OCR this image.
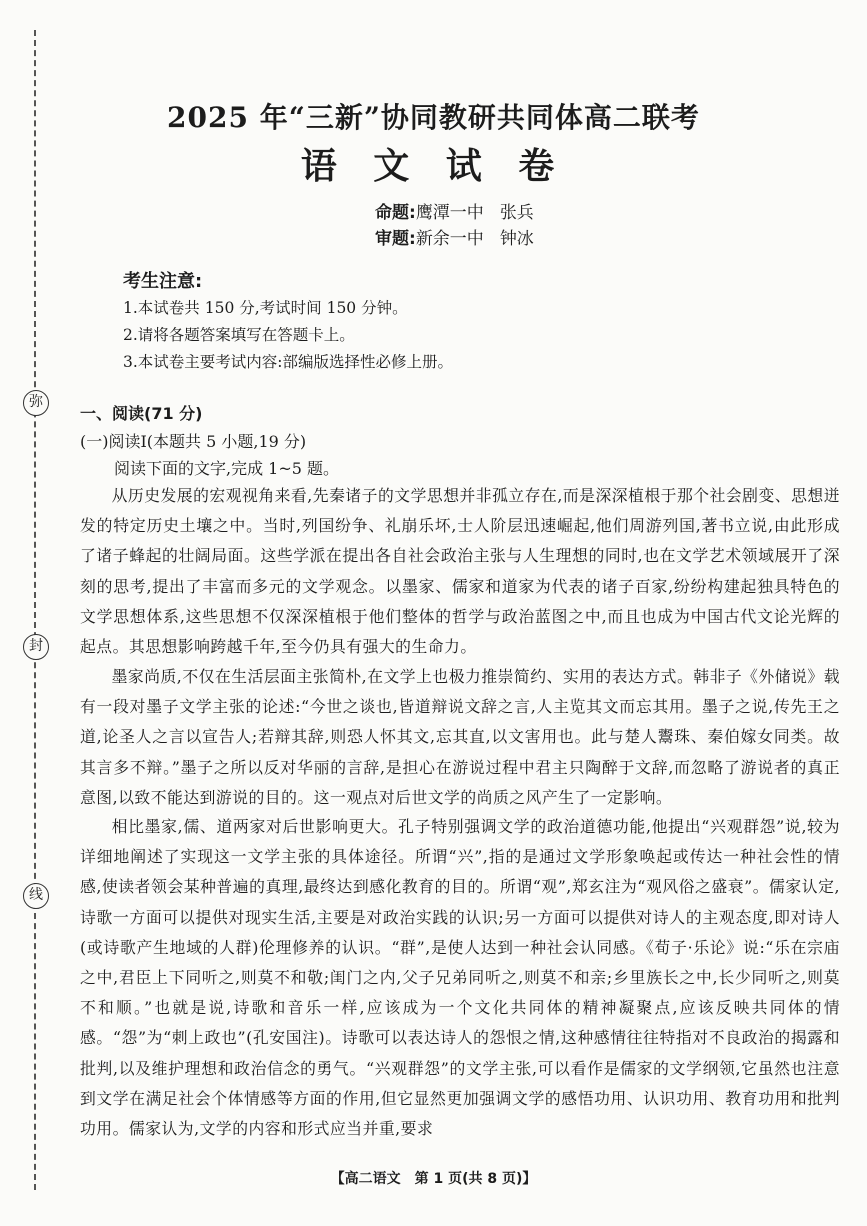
弥
封
线
2025 年“三新”协同教研共同体高二联考
语 文 试 卷
命题:鹰潭一中 张兵
审题:新余一中 钟冰
考生注意:
1.本试卷共 150 分,考试时间 150 分钟。
2.请将各题答案填写在答题卡上。
3.本试卷主要考试内容:部编版选择性必修上册。
一、阅读(71 分)
(一)阅读Ⅰ(本题共 5 小题,19 分)
阅读下面的文字,完成 1~5 题。
从历史发展的宏观视角来看,先秦诸子的文学思想并非孤立存在,而是深深植根于那个社会剧变、思想迸发的特定历史土壤之中。当时,列国纷争、礼崩乐坏,士人阶层迅速崛起,他们周游列国,著书立说,由此形成了诸子蜂起的壮阔局面。这些学派在提出各自社会政治主张与人生理想的同时,也在文学艺术领域展开了深刻的思考,提出了丰富而多元的文学观念。以墨家、儒家和道家为代表的诸子百家,纷纷构建起独具特色的文学思想体系,这些思想不仅深深植根于他们整体的哲学与政治蓝图之中,而且也成为中国古代文论光辉的起点。其思想影响跨越千年,至今仍具有强大的生命力。
墨家尚质,不仅在生活层面主张简朴,在文学上也极力推崇简约、实用的表达方式。韩非子《外储说》载有一段对墨子文学主张的论述:“今世之谈也,皆道辩说文辞之言,人主览其文而忘其用。墨子之说,传先王之道,论圣人之言以宣告人;若辩其辞,则恐人怀其文,忘其直,以文害用也。此与楚人鬻珠、秦伯嫁女同类。故其言多不辩。”墨子之所以反对华丽的言辞,是担心在游说过程中君主只陶醉于文辞,而忽略了游说者的真正意图,以致不能达到游说的目的。这一观点对后世文学的尚质之风产生了一定影响。
相比墨家,儒、道两家对后世影响更大。孔子特别强调文学的政治道德功能,他提出“兴观群怨”说,较为详细地阐述了实现这一文学主张的具体途径。所谓“兴”,指的是通过文学形象唤起或传达一种社会性的情感,使读者领会某种普遍的真理,最终达到感化教育的目的。所谓“观”,郑玄注为“观风俗之盛衰”。儒家认定,诗歌一方面可以提供对现实生活,主要是对政治实践的认识;另一方面可以提供对诗人的主观态度,即对诗人(或诗歌产生地域的人群)伦理修养的认识。“群”,是使人达到一种社会认同感。《荀子·乐论》说:“乐在宗庙之中,君臣上下同听之,则莫不和敬;闺门之内,父子兄弟同听之,则莫不和亲;乡里族长之中,长少同听之,则莫不和顺。”也就是说,诗歌和音乐一样,应该成为一个文化共同体的精神凝聚点,应该反映共同体的情感。“怨”为“刺上政也”(孔安国注)。诗歌可以表达诗人的怨恨之情,这种感情往往特指对不良政治的揭露和批判,以及维护理想和政治信念的勇气。“兴观群怨”的文学主张,可以看作是儒家的文学纲领,它虽然也注意到文学在满足社会个体情感等方面的作用,但它显然更加强调文学的感悟功用、认识功用、教育功用和批判功用。儒家认为,文学的内容和形式应当并重,要求
【高二语文　第 1 页(共 8 页)】
